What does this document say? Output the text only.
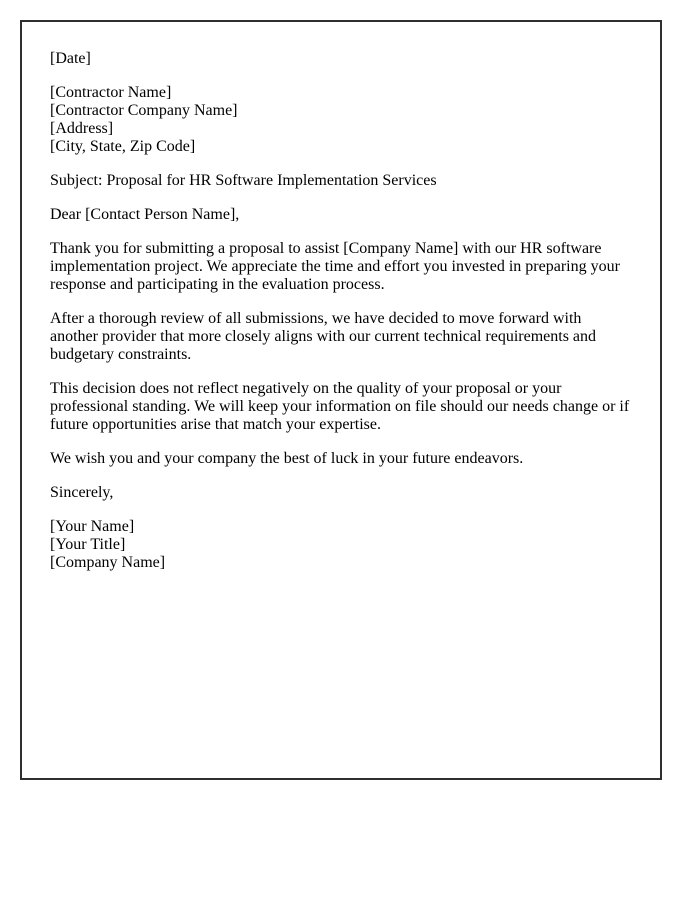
[Date]
[Contractor Name]
[Contractor Company Name]
[Address]
[City, State, Zip Code]
Subject: Proposal for HR Software Implementation Services
Dear [Contact Person Name],

Thank you for submitting a proposal to assist [Company Name] with our HR software implementation project. We appreciate the time and effort you invested in preparing your response and participating in the evaluation process.

After a thorough review of all submissions, we have decided to move forward with another provider that more closely aligns with our current technical requirements and budgetary constraints.

This decision does not reflect negatively on the quality of your proposal or your professional standing. We will keep your information on file should our needs change or if future opportunities arise that match your expertise.

We wish you and your company the best of luck in your future endeavors.

Sincerely,
[Your Name]
[Your Title]
[Company Name]
